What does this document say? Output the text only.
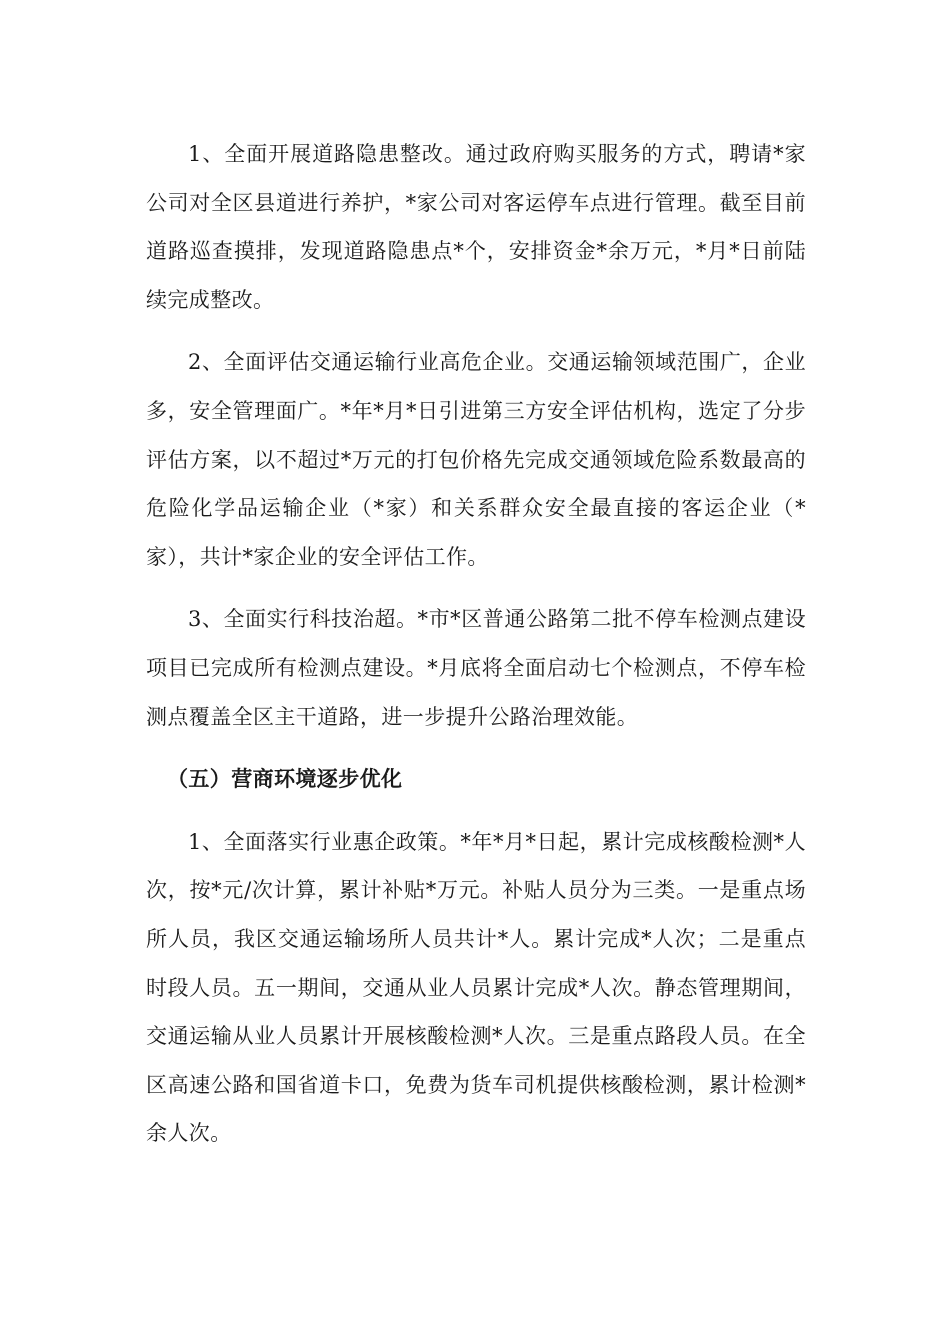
1、全面开展道路隐患整改。通过政府购买服务的方式，聘请*家公司对全区县道进行养护，*家公司对客运停车点进行管理。截至目前道路巡查摸排，发现道路隐患点*个，安排资金*余万元，*月*日前陆续完成整改。

2、全面评估交通运输行业高危企业。交通运输领域范围广，企业多，安全管理面广。*年*月*日引进第三方安全评估机构，选定了分步评估方案，以不超过*万元的打包价格先完成交通领域危险系数最高的危险化学品运输企业（*家）和关系群众安全最直接的客运企业（*家），共计*家企业的安全评估工作。

3、全面实行科技治超。*市*区普通公路第二批不停车检测点建设项目已完成所有检测点建设。*月底将全面启动七个检测点，不停车检测点覆盖全区主干道路，进一步提升公路治理效能。

（五）营商环境逐步优化

1、全面落实行业惠企政策。*年*月*日起，累计完成核酸检测*人次，按*元/次计算，累计补贴*万元。补贴人员分为三类。一是重点场所人员，我区交通运输场所人员共计*人。累计完成*人次；二是重点时段人员。五一期间，交通从业人员累计完成*人次。静态管理期间，交通运输从业人员累计开展核酸检测*人次。三是重点路段人员。在全区高速公路和国省道卡口，免费为货车司机提供核酸检测，累计检测*余人次。
